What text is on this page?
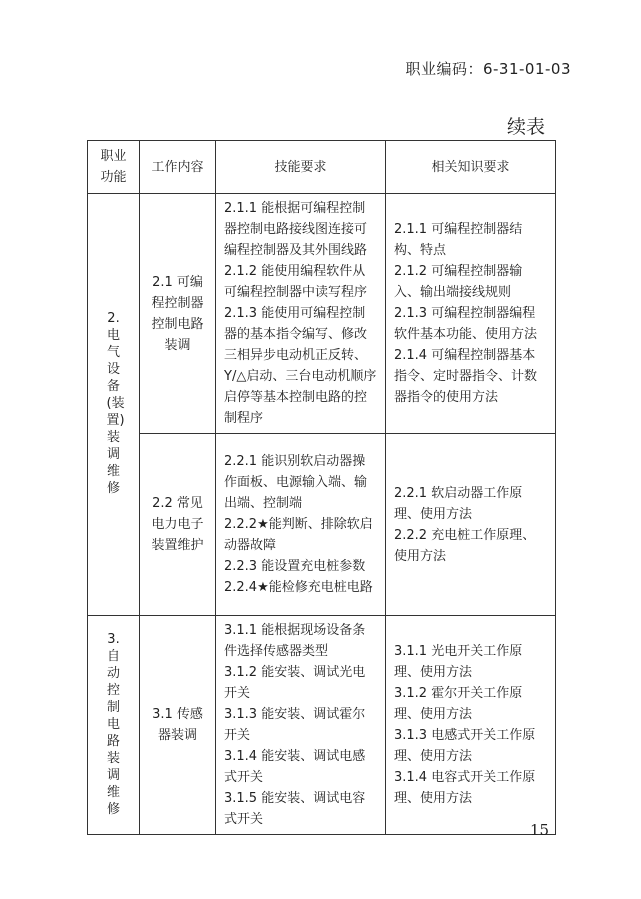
职业编码：6-31-01-03
续表
职业功能	工作内容	技能要求	相关知识要求
2. 电气设备(装置)装调维修	2.1 可编程控制器控制电路装调	2.1.1 能根据可编程控制器控制电路接线图连接可编程控制器及其外围线路
2.1.2 能使用编程软件从可编程控制器中读写程序
2.1.3 能使用可编程控制器的基本指令编写、修改三相异步电动机正反转、Y/△启动、三台电动机顺序启停等基本控制电路的控制程序	2.1.1 可编程控制器结构、特点
2.1.2 可编程控制器输入、输出端接线规则
2.1.3 可编程控制器编程软件基本功能、使用方法
2.1.4 可编程控制器基本指令、定时器指令、计数器指令的使用方法

	2.2 常见电力电子装置维护	2.2.1 能识别软启动器操作面板、电源输入端、输出端、控制端
2.2.2★能判断、排除软启动器故障
2.2.3 能设置充电桩参数
2.2.4★能检修充电桩电路	2.2.1 软启动器工作原理、使用方法
2.2.2 充电桩工作原理、使用方法

3. 自动控制电路装调维修	3.1 传感器装调	3.1.1 能根据现场设备条件选择传感器类型
3.1.2 能安装、调试光电开关
3.1.3 能安装、调试霍尔开关
3.1.4 能安装、调试电感式开关
3.1.5 能安装、调试电容式开关	3.1.1 光电开关工作原理、使用方法
3.1.2 霍尔开关工作原理、使用方法
3.1.3 电感式开关工作原理、使用方法
3.1.4 电容式开关工作原理、使用方法
15
